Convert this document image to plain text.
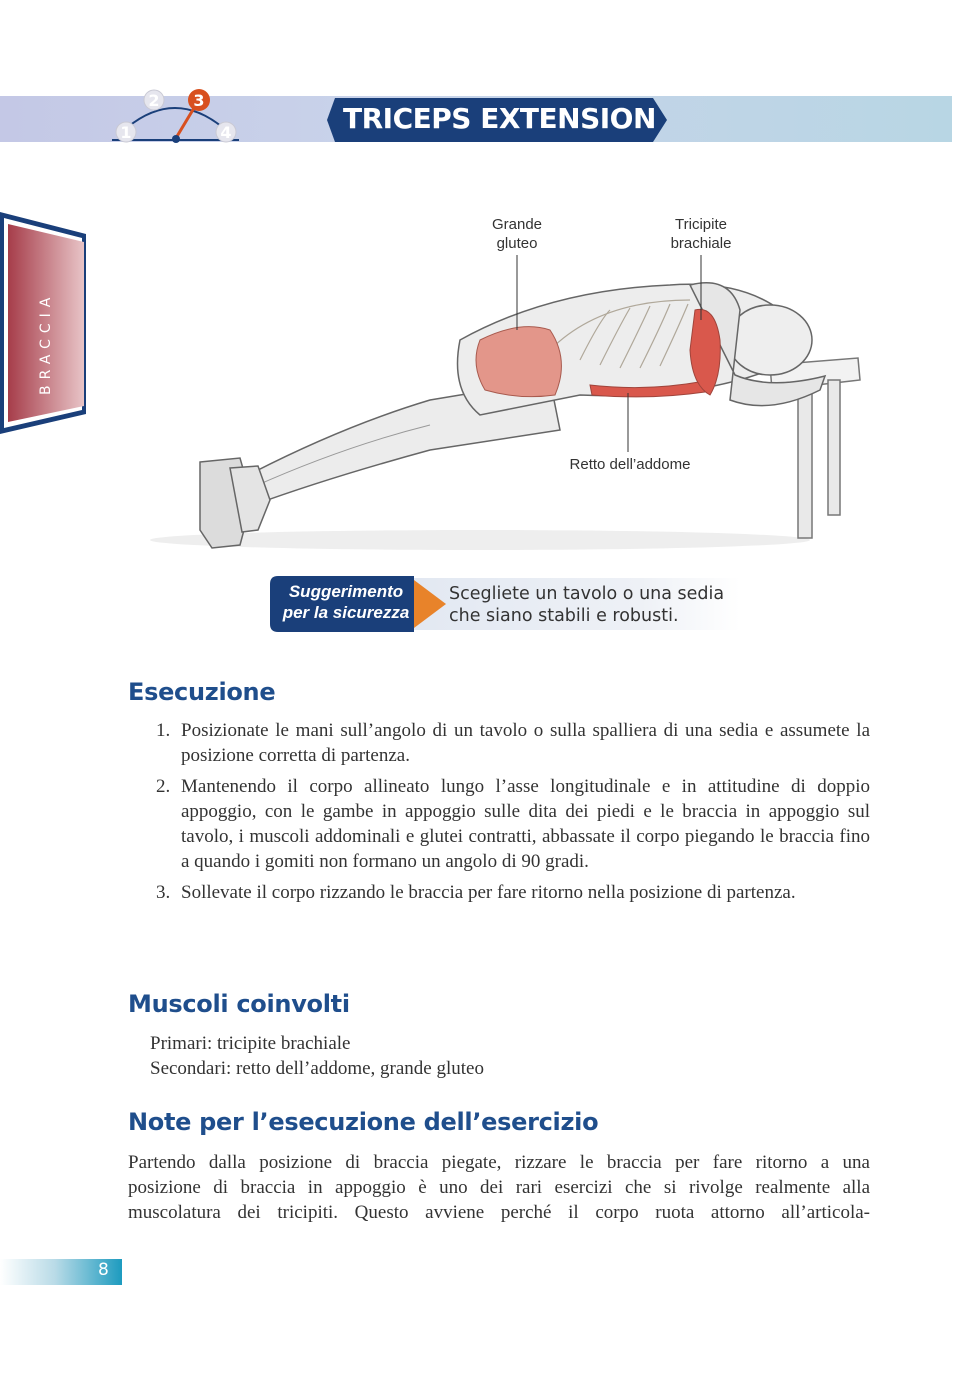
1
2 3
4	TRICEPS EXTENSION
BRACCIA
Grande
gluteo
Tricipite
brachiale
Retto dell’addome
Suggerimento
per la sicurezza
Scegliete un tavolo o una sedia
che siano stabili e robusti.
Esecuzione
1. Posizionate le mani sull’angolo di un tavolo o sulla spalliera di una sedia e assumete la posizione corretta di partenza.
2. Mantenendo il corpo allineato lungo l’asse longitudinale e in attitudine di doppio appoggio, con le gambe in appoggio sulle dita dei piedi e le braccia in appoggio sul tavolo, i muscoli addominali e glutei contratti, abbassate il corpo piegando le braccia fino a quando i gomiti non formano un angolo di 90 gradi.
3. Sollevate il corpo rizzando le braccia per fare ritorno nella posizione di partenza.
Muscoli coinvolti
Primari: tricipite brachiale
Secondari: retto dell’addome, grande gluteo
Note per l’esecuzione dell’esercizio
Partendo dalla posizione di braccia piegate, rizzare le braccia per fare ritorno a una
posizione di braccia in appoggio è uno dei rari esercizi che si rivolge realmente alla
muscolatura dei tricipiti. Questo avviene perché il corpo ruota attorno all’articola-
8
